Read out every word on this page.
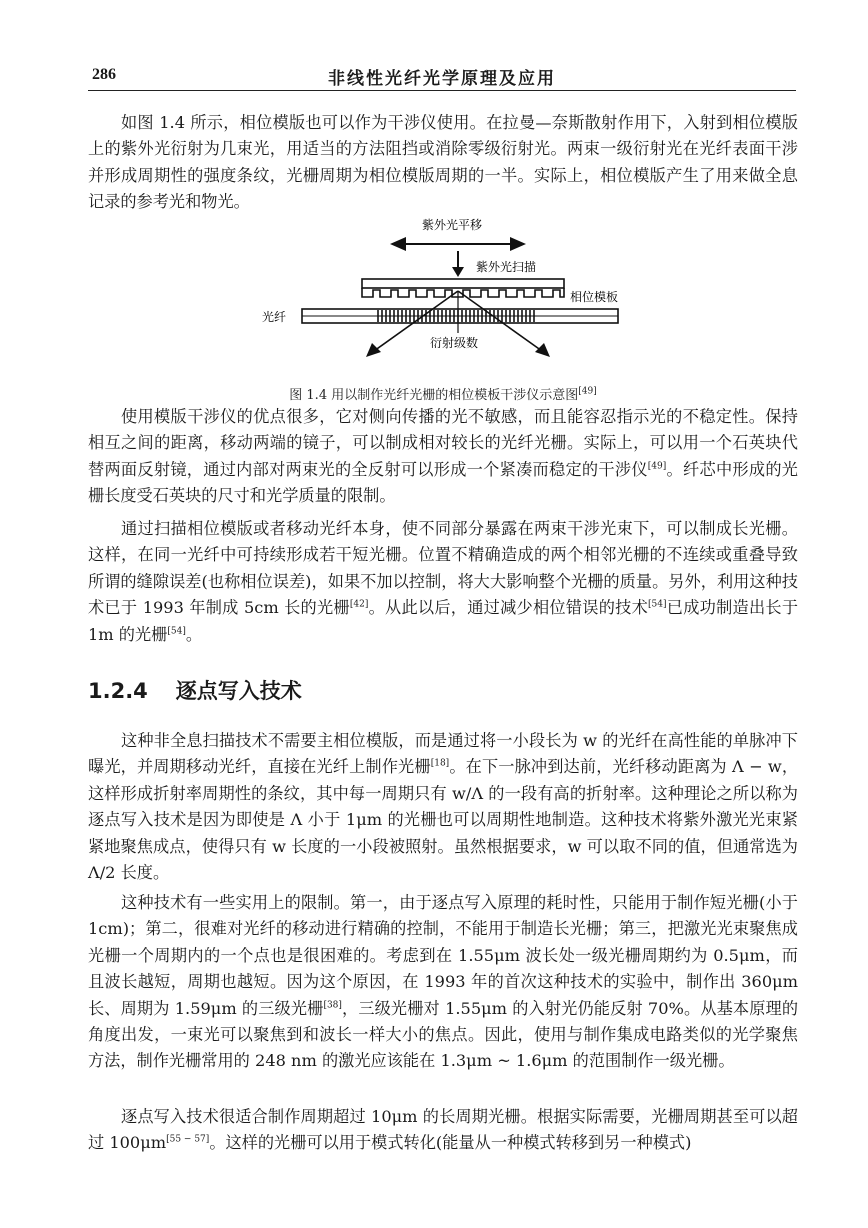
286	非线性光纤光学原理及应用

如图 1.4 所示，相位模版也可以作为干涉仪使用。在拉曼—奈斯散射作用下，入射到相位模版上的紫外光衍射为几束光，用适当的方法阻挡或消除零级衍射光。两束一级衍射光在光纤表面干涉并形成周期性的强度条纹，光栅周期为相位模版周期的一半。实际上，相位模版产生了用来做全息记录的参考光和物光。

紫外光平移
紫外光扫描
相位模板
光纤
衍射级数
图 1.4 用以制作光纤光栅的相位模板干涉仪示意图[49]

使用模版干涉仪的优点很多，它对侧向传播的光不敏感，而且能容忍指示光的不稳定性。保持相互之间的距离，移动两端的镜子，可以制成相对较长的光纤光栅。实际上，可以用一个石英块代替两面反射镜，通过内部对两束光的全反射可以形成一个紧凑而稳定的干涉仪[49]。纤芯中形成的光栅长度受石英块的尺寸和光学质量的限制。

通过扫描相位模版或者移动光纤本身，使不同部分暴露在两束干涉光束下，可以制成长光栅。这样，在同一光纤中可持续形成若干短光栅。位置不精确造成的两个相邻光栅的不连续或重叠导致所谓的缝隙误差(也称相位误差)，如果不加以控制，将大大影响整个光栅的质量。另外，利用这种技术已于 1993 年制成 5cm 长的光栅[42]。从此以后，通过减少相位错误的技术[54]已成功制造出长于 1m 的光栅[54]。

1.2.4 逐点写入技术

这种非全息扫描技术不需要主相位模版，而是通过将一小段长为 w 的光纤在高性能的单脉冲下曝光，并周期移动光纤，直接在光纤上制作光栅[18]。在下一脉冲到达前，光纤移动距离为 Λ − w，这样形成折射率周期性的条纹，其中每一周期只有 w/Λ 的一段有高的折射率。这种理论之所以称为逐点写入技术是因为即使是 Λ 小于 1μm 的光栅也可以周期性地制造。这种技术将紫外激光光束紧紧地聚焦成点，使得只有 w 长度的一小段被照射。虽然根据要求，w 可以取不同的值，但通常选为 Λ/2 长度。

这种技术有一些实用上的限制。第一，由于逐点写入原理的耗时性，只能用于制作短光栅(小于 1cm)；第二，很难对光纤的移动进行精确的控制，不能用于制造长光栅；第三，把激光光束聚焦成光栅一个周期内的一个点也是很困难的。考虑到在 1.55μm 波长处一级光栅周期约为 0.5μm，而且波长越短，周期也越短。因为这个原因，在 1993 年的首次这种技术的实验中，制作出 360μm 长、周期为 1.59μm 的三级光栅[38]，三级光栅对 1.55μm 的入射光仍能反射 70%。从基本原理的角度出发，一束光可以聚焦到和波长一样大小的焦点。因此，使用与制作集成电路类似的光学聚焦方法，制作光栅常用的 248 nm 的激光应该能在 1.3μm ~ 1.6μm 的范围制作一级光栅。

逐点写入技术很适合制作周期超过 10μm 的长周期光栅。根据实际需要，光栅周期甚至可以超过 100μm[55 − 57]。这样的光栅可以用于模式转化(能量从一种模式转移到另一种模式)
